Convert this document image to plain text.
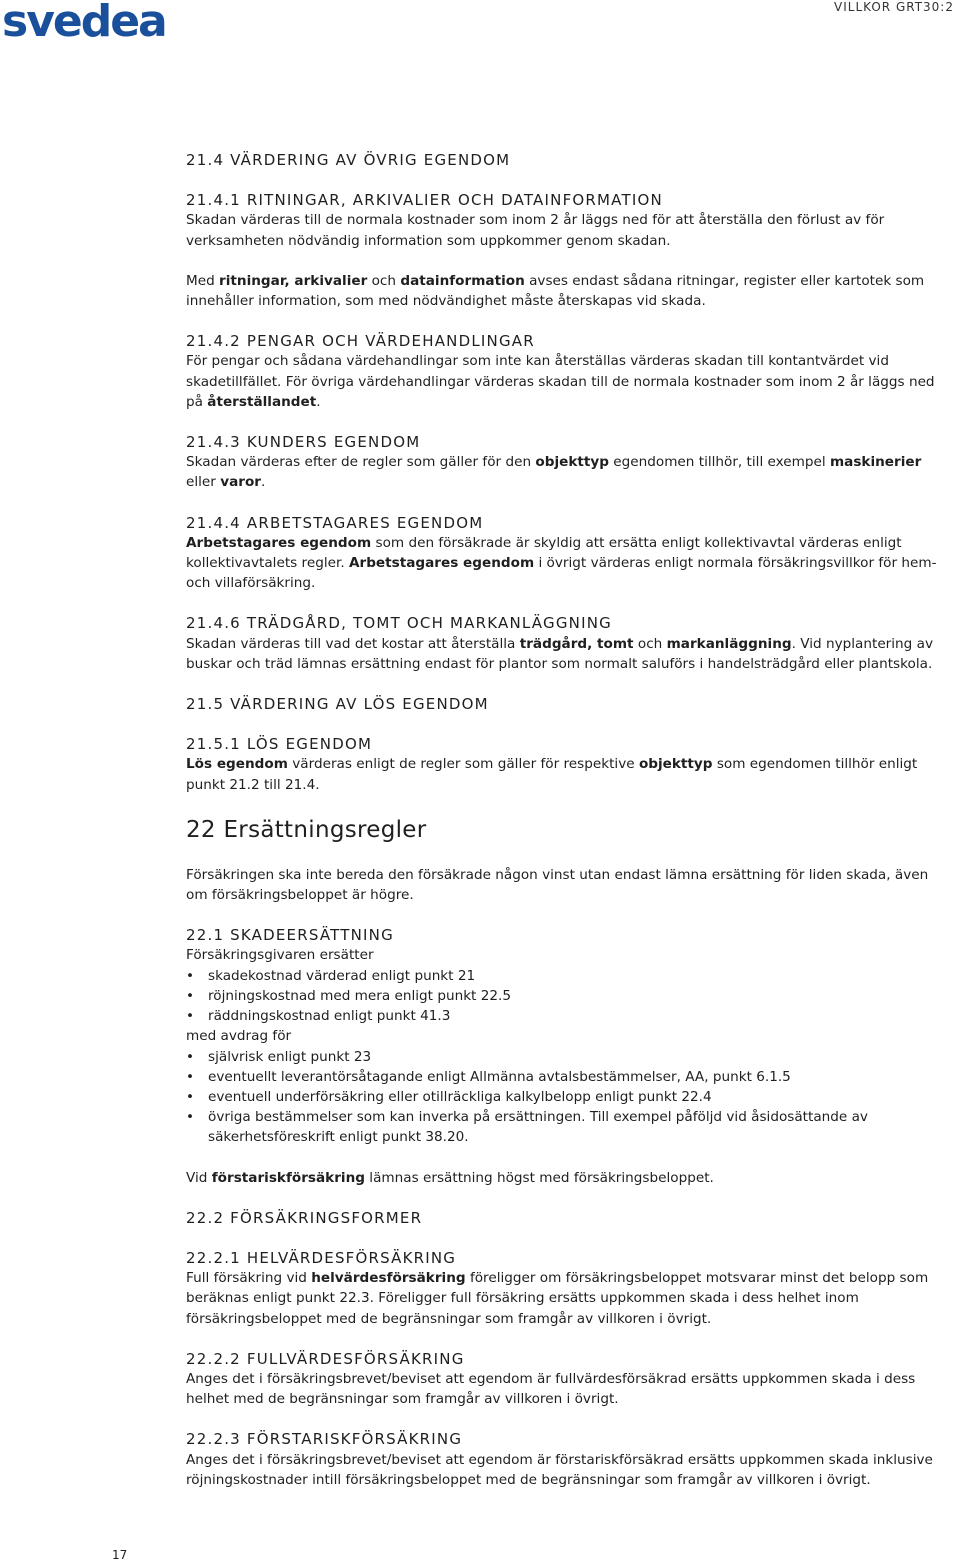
svedea	VILLKOR GRT30:2
21.4 VÄRDERING AV ÖVRIG EGENDOM
21.4.1 RITNINGAR, ARKIVALIER OCH DATAINFORMATION

Skadan värderas till de normala kostnader som inom 2 år läggs ned för att återställa den förlust av för verksamheten nödvändig information som uppkommer genom skadan.

Med ritningar, arkivalier och datainformation avses endast sådana ritningar, register eller kartotek som innehåller information, som med nödvändighet måste återskapas vid skada.

21.4.2 PENGAR OCH VÄRDEHANDLINGAR

För pengar och sådana värdehandlingar som inte kan återställas värderas skadan till kontantvärdet vid skadetillfället. För övriga värdehandlingar värderas skadan till de normala kostnader som inom 2 år läggs ned på återställandet.

21.4.3 KUNDERS EGENDOM

Skadan värderas efter de regler som gäller för den objekttyp egendomen tillhör, till exempel maskinerier eller varor.

21.4.4 ARBETSTAGARES EGENDOM

Arbetstagares egendom som den försäkrade är skyldig att ersätta enligt kollektivavtal värderas enligt kollektivavtalets regler. Arbetstagares egendom i övrigt värderas enligt normala försäkringsvillkor för hem- och villaförsäkring.

21.4.6 TRÄDGÅRD, TOMT OCH MARKANLÄGGNING

Skadan värderas till vad det kostar att återställa trädgård, tomt och markanläggning. Vid nyplantering av buskar och träd lämnas ersättning endast för plantor som normalt saluförs i handelsträdgård eller plantskola.

21.5 VÄRDERING AV LÖS EGENDOM
21.5.1 LÖS EGENDOM

Lös egendom värderas enligt de regler som gäller för respektive objekttyp som egendomen tillhör enligt punkt 21.2 till 21.4.

22 Ersättningsregler

Försäkringen ska inte bereda den försäkrade någon vinst utan endast lämna ersättning för liden skada, även om försäkringsbeloppet är högre.

22.1 SKADEERSÄTTNING

Försäkringsgivaren ersätter

• skadekostnad värderad enligt punkt 21
• röjningskostnad med mera enligt punkt 22.5
• räddningskostnad enligt punkt 41.3

med avdrag för

• självrisk enligt punkt 23
• eventuellt leverantörsåtagande enligt Allmänna avtalsbestämmelser, AA, punkt 6.1.5
• eventuell underförsäkring eller otillräckliga kalkylbelopp enligt punkt 22.4
• övriga bestämmelser som kan inverka på ersättningen. Till exempel påföljd vid åsidosättande av säkerhetsföreskrift enligt punkt 38.20.

Vid förstariskförsäkring lämnas ersättning högst med försäkringsbeloppet.

22.2 FÖRSÄKRINGSFORMER
22.2.1 HELVÄRDESFÖRSÄKRING

Full försäkring vid helvärdesförsäkring föreligger om försäkringsbeloppet motsvarar minst det belopp som beräknas enligt punkt 22.3. Föreligger full försäkring ersätts uppkommen skada i dess helhet inom försäkringsbeloppet med de begränsningar som framgår av villkoren i övrigt.

22.2.2 FULLVÄRDESFÖRSÄKRING

Anges det i försäkringsbrevet/beviset att egendom är fullvärdesförsäkrad ersätts uppkommen skada i dess helhet med de begränsningar som framgår av villkoren i övrigt.

22.2.3 FÖRSTARISKFÖRSÄKRING

Anges det i försäkringsbrevet/beviset att egendom är förstariskförsäkrad ersätts uppkommen skada inklusive röjningskostnader intill försäkringsbeloppet med de begränsningar som framgår av villkoren i övrigt.

17
